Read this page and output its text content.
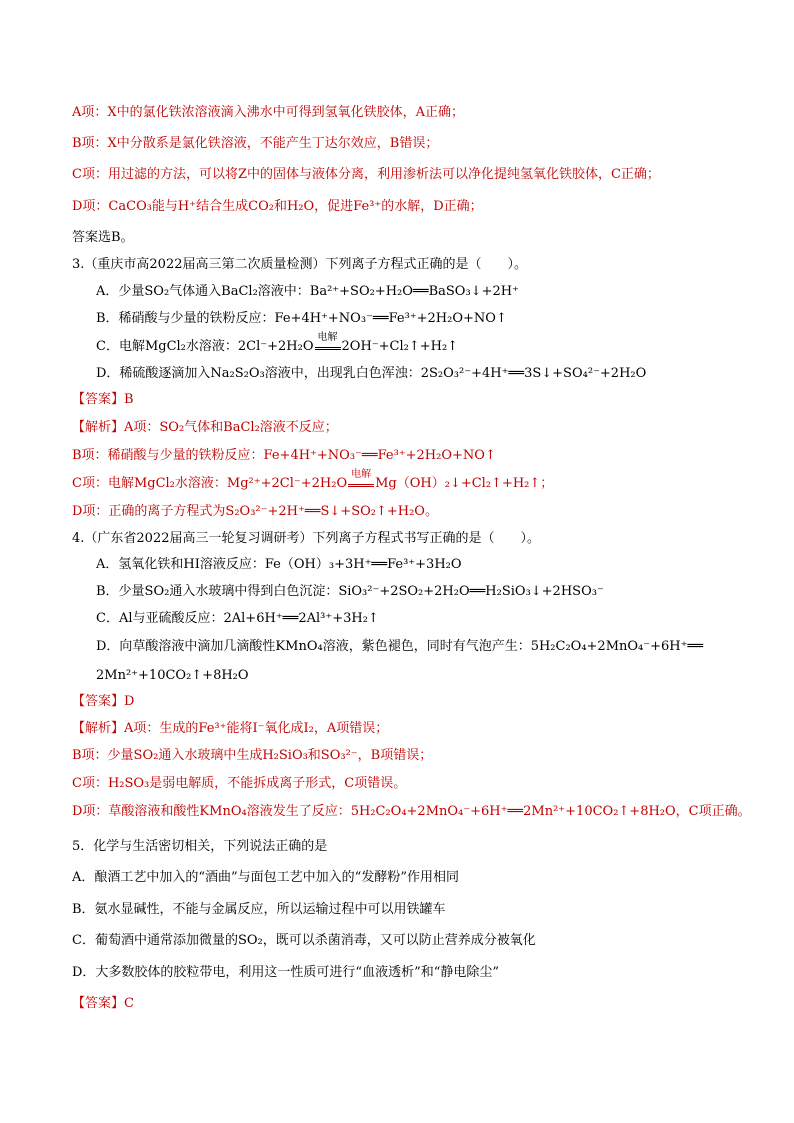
A项：X中的氯化铁浓溶液滴入沸水中可得到氢氧化铁胶体，A正确；
B项：X中分散系是氯化铁溶液，不能产生丁达尔效应，B错误；
C项：用过滤的方法，可以将Z中的固体与液体分离，利用渗析法可以净化提纯氢氧化铁胶体，C正确；
D项：CaCO₃能与H⁺结合生成CO₂和H₂O，促进Fe³⁺的水解，D正确；
答案选B。
3.（重庆市高2022届高三第二次质量检测）下列离子方程式正确的是（　　）。
A．少量SO₂气体通入BaCl₂溶液中：Ba²⁺+SO₂+H₂O══BaSO₃↓+2H⁺
B．稀硝酸与少量的铁粉反应：Fe+4H⁺+NO₃⁻══Fe³⁺+2H₂O+NO↑
C．电解MgCl₂水溶液：2Cl⁻+2H₂O
电解
2OH⁻+Cl₂↑+H₂↑
D．稀硫酸逐滴加入Na₂S₂O₃溶液中，出现乳白色浑浊：2S₂O₃²⁻+4H⁺══3S↓+SO₄²⁻+2H₂O
【答案】B
【解析】A项：SO₂气体和BaCl₂溶液不反应；
B项：稀硝酸与少量的铁粉反应：Fe+4H⁺+NO₃⁻══Fe³⁺+2H₂O+NO↑
C项：电解MgCl₂水溶液：Mg²⁺+2Cl⁻+2H₂O
电解
Mg（OH）₂↓+Cl₂↑+H₂↑；
D项：正确的离子方程式为S₂O₃²⁻+2H⁺══S↓+SO₂↑+H₂O。
4.（广东省2022届高三一轮复习调研考）下列离子方程式书写正确的是（　　）。
A．氢氧化铁和HI溶液反应：Fe（OH）₃+3H⁺══Fe³⁺+3H₂O
B．少量SO₂通入水玻璃中得到白色沉淀：SiO₃²⁻+2SO₂+2H₂O══H₂SiO₃↓+2HSO₃⁻
C．Al与亚硫酸反应：2Al+6H⁺══2Al³⁺+3H₂↑
D．向草酸溶液中滴加几滴酸性KMnO₄溶液，紫色褪色，同时有气泡产生：5H₂C₂O₄+2MnO₄⁻+6H⁺══
2Mn²⁺+10CO₂↑+8H₂O
【答案】D
【解析】A项：生成的Fe³⁺能将I⁻氧化成I₂，A项错误；
B项：少量SO₂通入水玻璃中生成H₂SiO₃和SO₃²⁻，B项错误；
C项：H₂SO₃是弱电解质，不能拆成离子形式，C项错误。
D项：草酸溶液和酸性KMnO₄溶液发生了反应：5H₂C₂O₄+2MnO₄⁻+6H⁺══2Mn²⁺+10CO₂↑+8H₂O，C项正确。
5．化学与生活密切相关，下列说法正确的是
A．酿酒工艺中加入的“酒曲”与面包工艺中加入的“发酵粉”作用相同
B．氨水显碱性，不能与金属反应，所以运输过程中可以用铁罐车
C．葡萄酒中通常添加微量的SO₂，既可以杀菌消毒，又可以防止营养成分被氧化
D．大多数胶体的胶粒带电，利用这一性质可进行“血液透析”和“静电除尘”
【答案】C
